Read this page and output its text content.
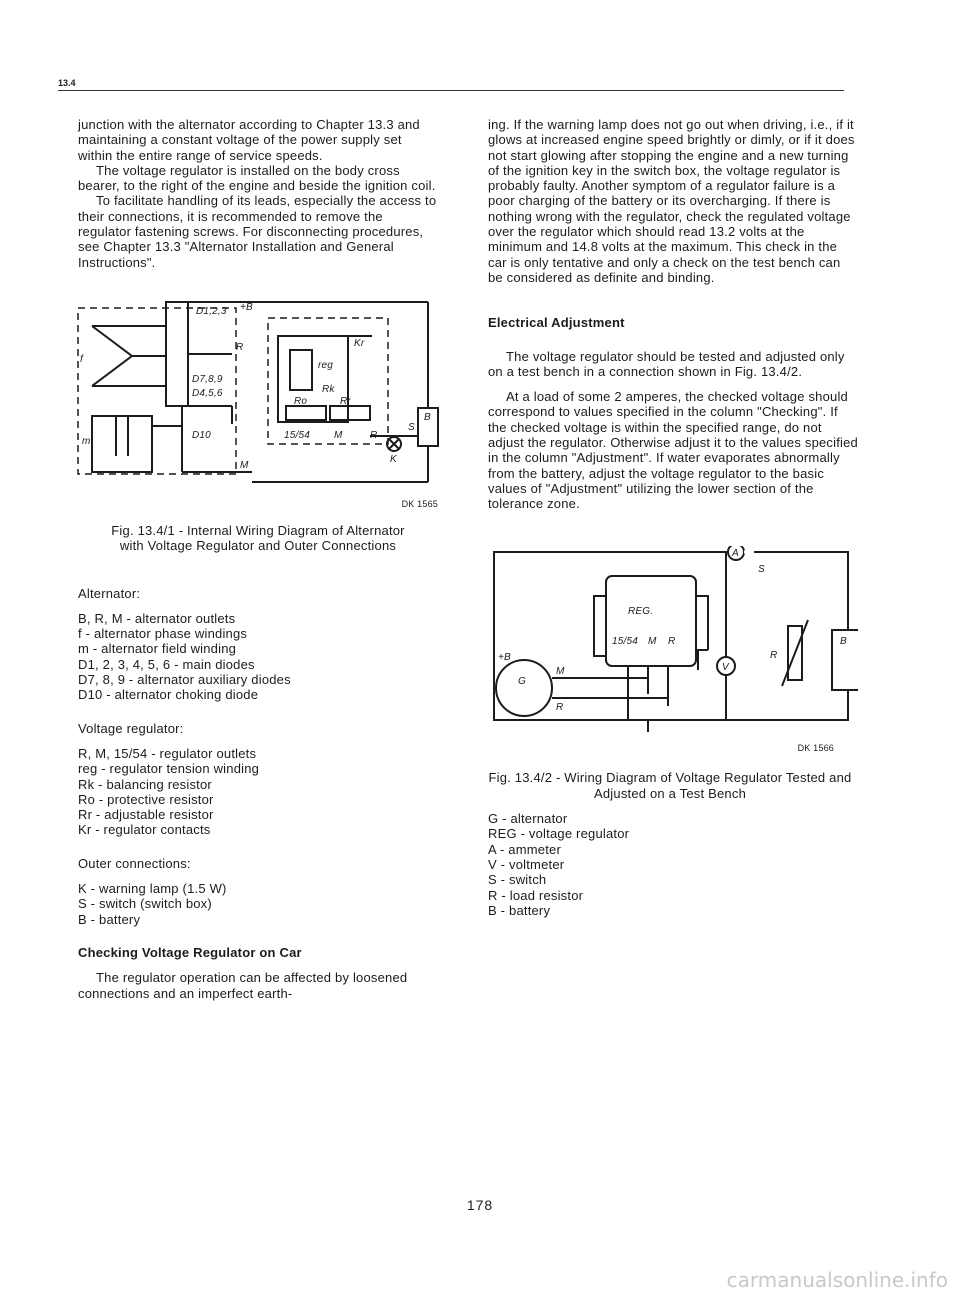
13.4

junction with the alternator according to Chapter 13.3 and maintaining a constant voltage of the power supply set within the entire range of service speeds.

The voltage regulator is installed on the body cross bearer, to the right of the engine and beside the ignition coil.

To facilitate handling of its leads, especially the access to their connections, it is recommended to remove the regulator fastening screws. For disconnecting procedures, see Chapter 13.3 "Alternator Installation and General Instructions".

D1,2,3 +B
R
f
D7,8,9
D4,5,6
m
D10
M
Kr
reg
Rk
Ro	Rr
15/54 M	R
S
K
B
DK 1565
Fig. 13.4/1 - Internal Wiring Diagram of Alternator with Voltage Regulator and Outer Connections

Alternator:

B, R, M - alternator outlets

f - alternator phase windings

m - alternator field winding

D1, 2, 3, 4, 5, 6 - main diodes

D7, 8, 9 - alternator auxiliary diodes

D10 - alternator choking diode

Voltage regulator:

R, M, 15/54 - regulator outlets

reg - regulator tension winding

Rk - balancing resistor

Ro - protective resistor

Rr - adjustable resistor

Kr - regulator contacts

Outer connections:

K - warning lamp (1.5 W)

S - switch (switch box)

B - battery

Checking Voltage Regulator on Car

The regulator operation can be affected by loosened connections and an imperfect earth-

ing. If the warning lamp does not go out when driving, i.e., if it glows at increased engine speed brightly or dimly, or if it does not start glowing after stopping the engine and a new turning of the ignition key in the switch box, the voltage regulator is probably faulty. Another symptom of a regulator failure is a poor charging of the battery or its overcharging. If there is nothing wrong with the regulator, check the regulated voltage over the regulator which should read 13.2 volts at the minimum and 14.8 volts at the maximum. This check in the car is only tentative and only a check on the test bench can be considered as definite and binding.

Electrical Adjustment

The voltage regulator should be tested and adjusted only on a test bench in a connection shown in Fig. 13.4/2.

At a load of some 2 amperes, the checked voltage should correspond to values specified in the column "Checking". If the checked voltage is within the specified range, do not adjust the regulator. Otherwise adjust it to the values specified in the column "Adjustment". If water evaporates abnormally from the battery, adjust the voltage regulator to the basic values of "Adjustment" utilizing the lower section of the tolerance zone.

A
S
REG.
15/54 M R
+B
G
M
R
V
R
B
DK 1566
Fig. 13.4/2 - Wiring Diagram of Voltage Regulator Tested and Adjusted on a Test Bench

G - alternator

REG - voltage regulator

A - ammeter

V - voltmeter

S - switch

R - load resistor

B - battery

178
carmanualsonline.info
